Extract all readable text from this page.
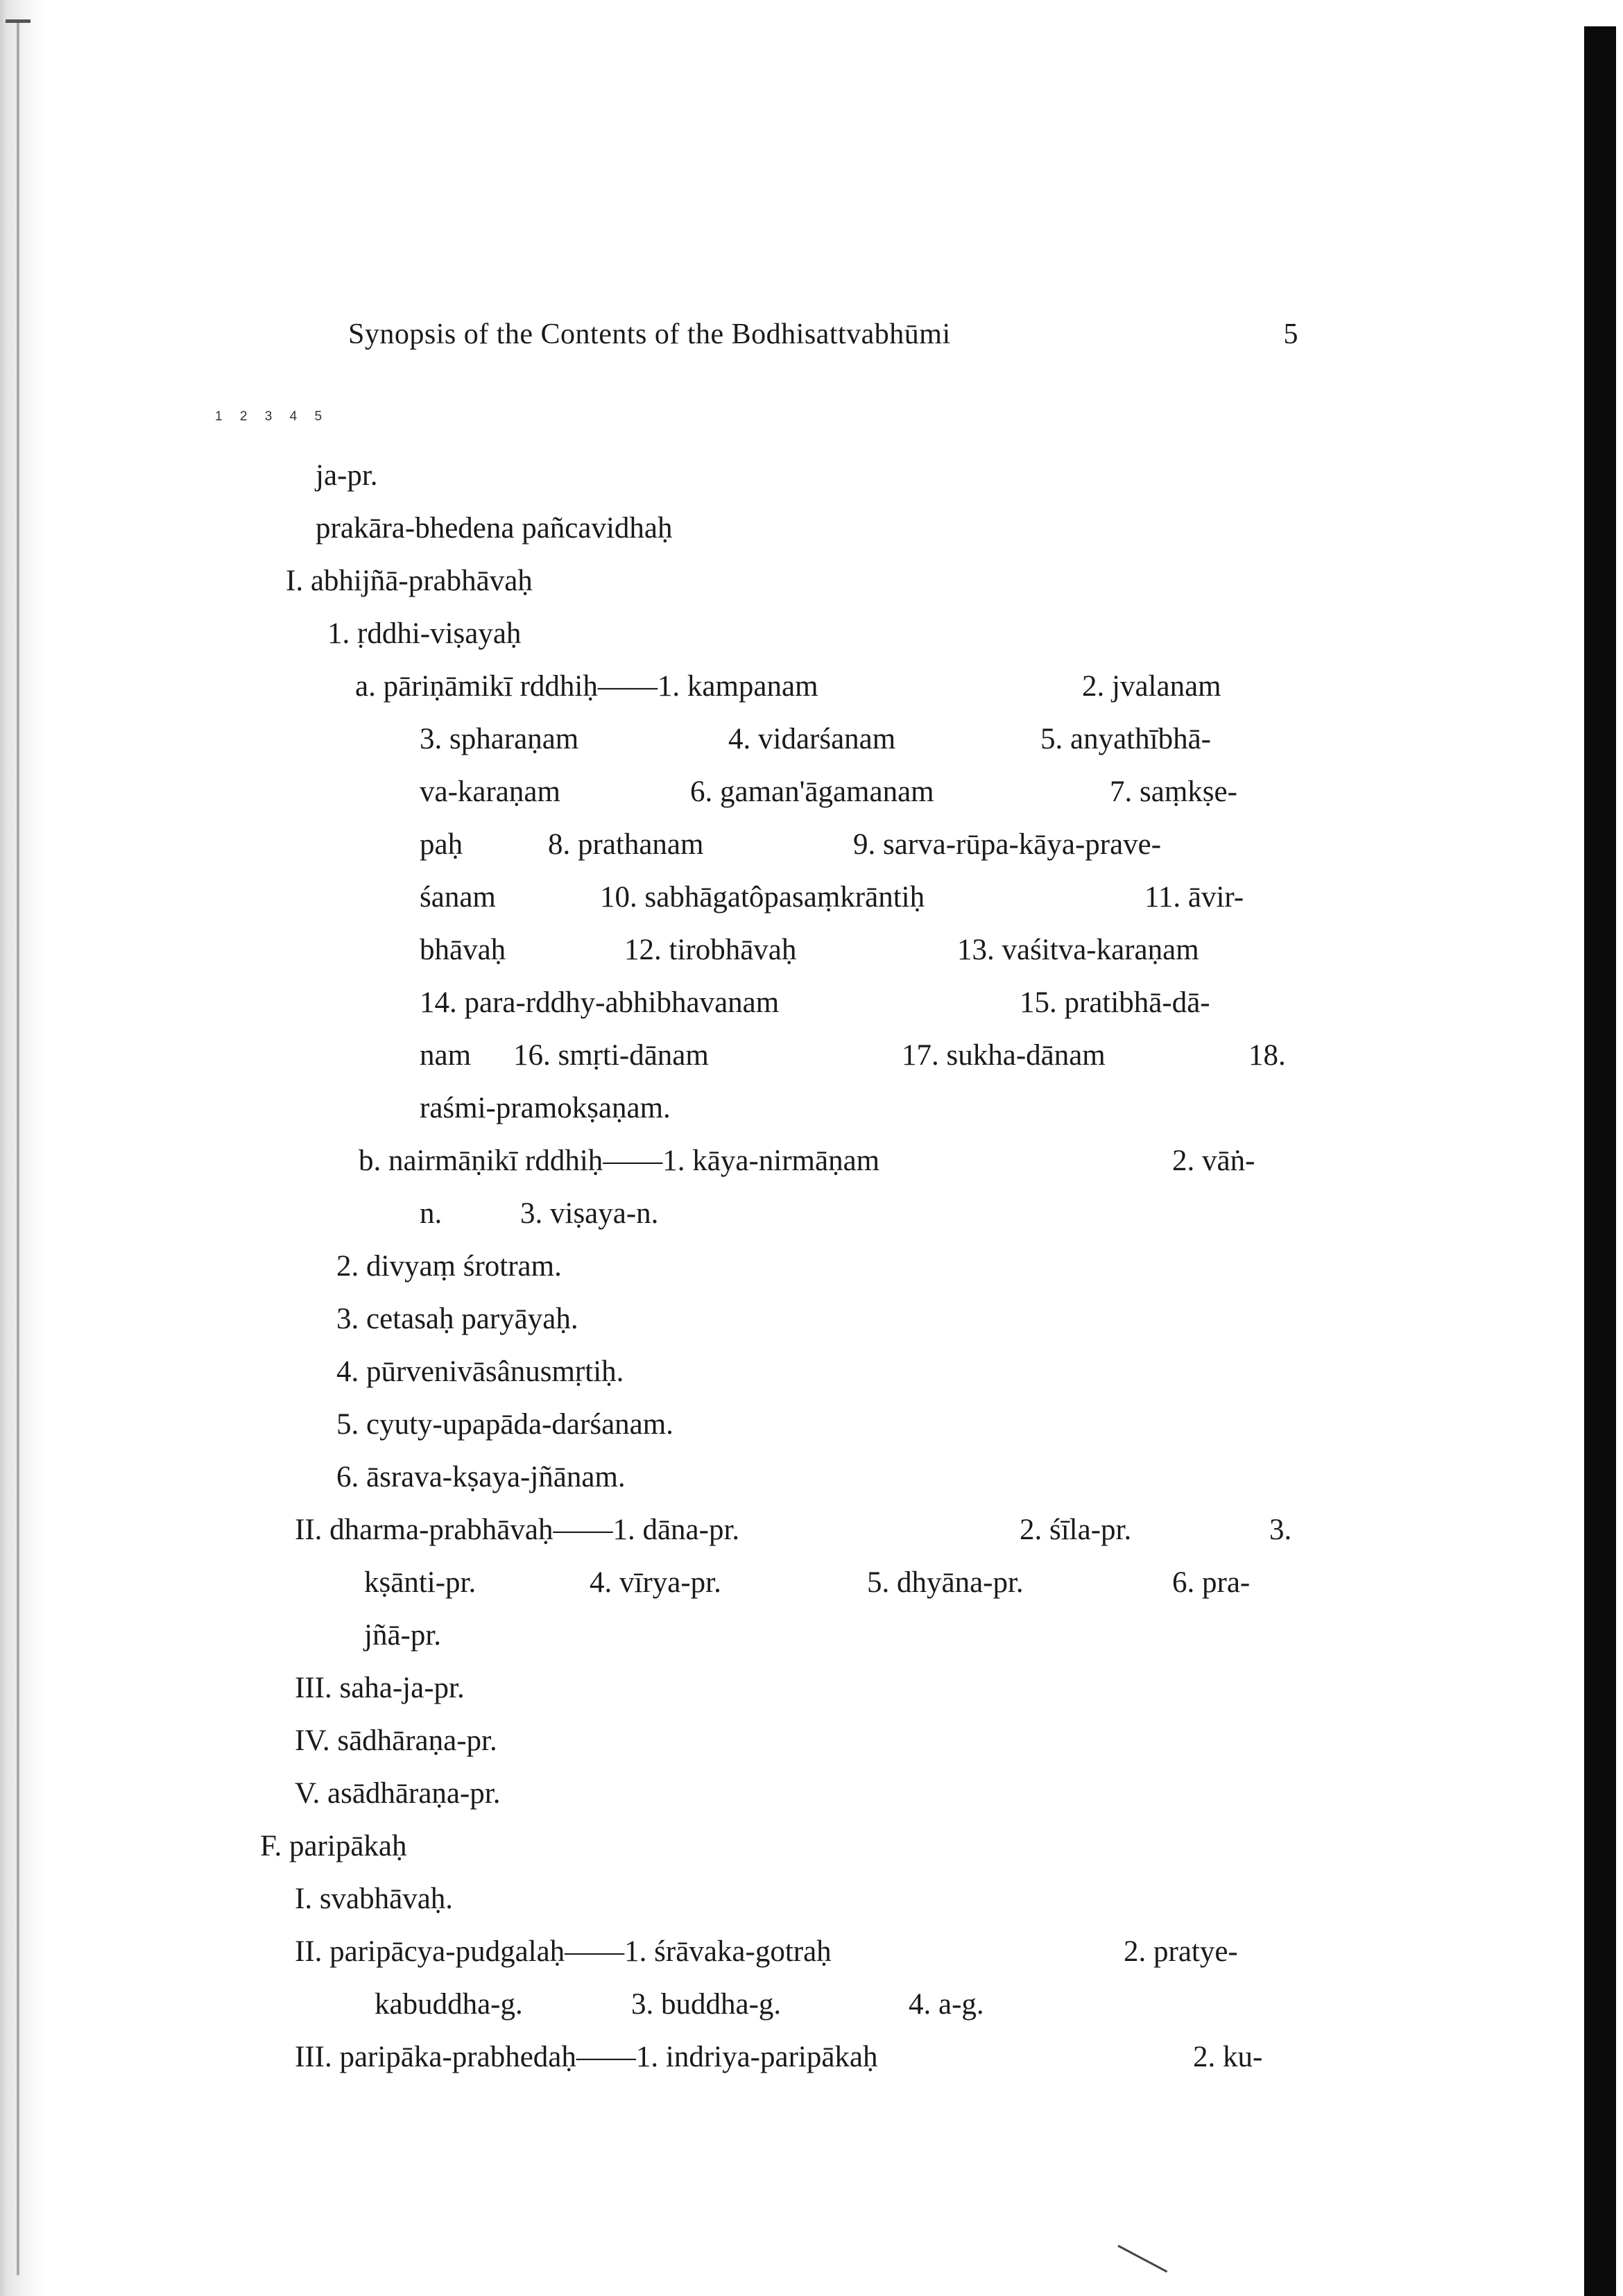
Synopsis of the Contents of the Bodhisattvabhūmi	5
1 2 3 4 5
ja-pr.
prakāra-bhedena pañcavidhaḥ
I. abhijñā-prabhāvaḥ
1. ṛddhi-viṣayaḥ
a. pāriṇāmikī rddhiḥ——1. kampanam	2. jvalanam
3. spharaṇam	4. vidarśanam	5. anyathībhā-
va-karaṇam	6. gaman'āgamanam	7. saṃkṣe-
paḥ	8. prathanam	9. sarva-rūpa-kāya-prave-
śanam	10. sabhāgatôpasaṃkrāntiḥ	11. āvir-
bhāvaḥ	12. tirobhāvaḥ	13. vaśitva-karaṇam
14. para-rddhy-abhibhavanam	15. pratibhā-dā-
nam 16. smṛti-dānam	17. sukha-dānam	18.
raśmi-pramokṣaṇam.
b. nairmāṇikī rddhiḥ——1. kāya-nirmāṇam	2. vāṅ-
n.	3. viṣaya-n.
2. divyaṃ śrotram.
3. cetasaḥ paryāyaḥ.
4. pūrvenivāsânusmṛtiḥ.
5. cyuty-upapāda-darśanam.
6. āsrava-kṣaya-jñānam.
II. dharma-prabhāvaḥ——1. dāna-pr.	2. śīla-pr.	3.
kṣānti-pr.	4. vīrya-pr.	5. dhyāna-pr.	6. pra-
jñā-pr.
III. saha-ja-pr.
IV. sādhāraṇa-pr.
V. asādhāraṇa-pr.
F. paripākaḥ
I. svabhāvaḥ.
II. paripācya-pudgalaḥ——1. śrāvaka-gotraḥ	2. pratye-
kabuddha-g.	3. buddha-g.	4. a-g.
III. paripāka-prabhedaḥ——1. indriya-paripākaḥ	2. ku-
